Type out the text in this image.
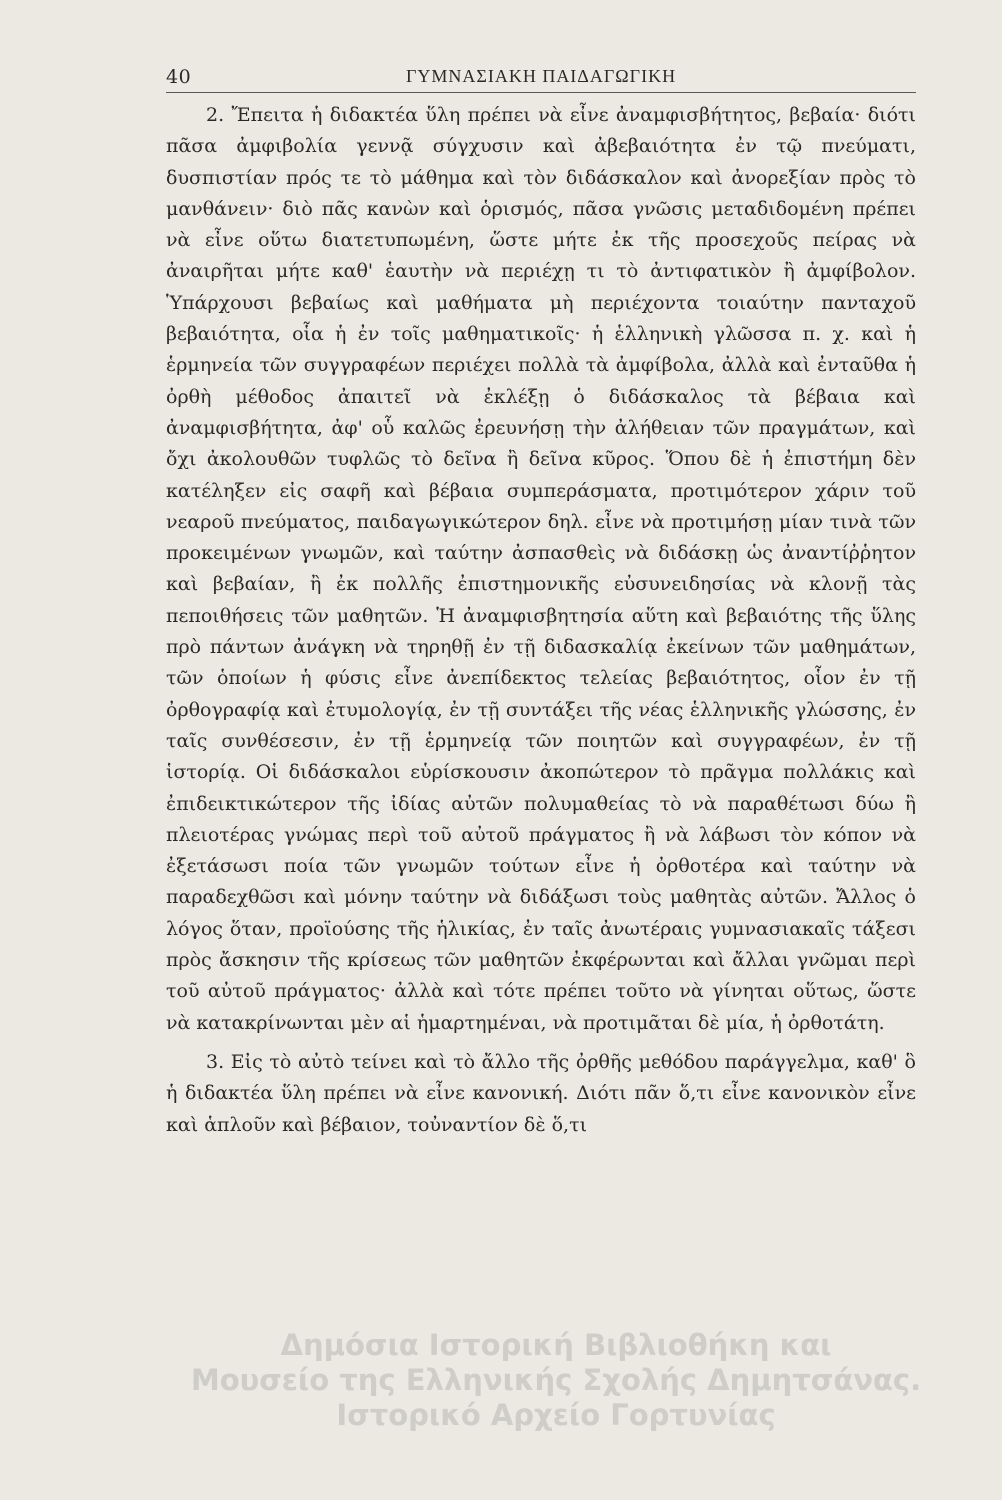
40	ΓΥΜΝΑΣΙΑΚΗ ΠΑΙΔΑΓΩΓΙΚΗ

2. Ἔπειτα ἡ διδακτέα ὕλη πρέπει νὰ εἶνε ἀναμφισβήτητος, βεβαία· διότι πᾶσα ἀμφιβολία γεννᾷ σύγχυσιν καὶ ἀβεβαιότητα ἐν τῷ πνεύματι, δυσπιστίαν πρός τε τὸ μάθημα καὶ τὸν διδάσκαλον καὶ ἀνορεξίαν πρὸς τὸ μανθάνειν· διὸ πᾶς κανὼν καὶ ὁρισμός, πᾶσα γνῶσις μεταδιδομένη πρέπει νὰ εἶνε οὕτω διατετυπωμένη, ὥστε μήτε ἐκ τῆς προσεχοῦς πείρας νὰ ἀναιρῆται μήτε καθ' ἑαυτὴν νὰ περιέχῃ τι τὸ ἀντιφατικὸν ἢ ἀμφίβολον. Ὑπάρχουσι βεβαίως καὶ μαθήματα μὴ περιέχοντα τοιαύτην πανταχοῦ βεβαιότητα, οἷα ἡ ἐν τοῖς μαθηματικοῖς· ἡ ἑλληνικὴ γλῶσσα π. χ. καὶ ἡ ἑρμηνεία τῶν συγγραφέων περιέχει πολλὰ τὰ ἀμφίβολα, ἀλλὰ καὶ ἐνταῦθα ἡ ὀρθὴ μέθοδος ἀπαιτεῖ νὰ ἐκλέξῃ ὁ διδάσκαλος τὰ βέβαια καὶ ἀναμφισβήτητα, ἀφ' οὗ καλῶς ἐρευνήσῃ τὴν ἀλήθειαν τῶν πραγμάτων, καὶ ὄχι ἀκολουθῶν τυφλῶς τὸ δεῖνα ἢ δεῖνα κῦρος. Ὅπου δὲ ἡ ἐπιστήμη δὲν κατέληξεν εἰς σαφῆ καὶ βέβαια συμπεράσματα, προτιμότερον χάριν τοῦ νεαροῦ πνεύματος, παιδαγωγικώτερον δηλ. εἶνε νὰ προτιμήσῃ μίαν τινὰ τῶν προκειμένων γνωμῶν, καὶ ταύτην ἀσπασθεὶς νὰ διδάσκῃ ὡς ἀναντίῤῥητον καὶ βεβαίαν, ἢ ἐκ πολλῆς ἐπιστημονικῆς εὐσυνειδησίας νὰ κλονῇ τὰς πεποιθήσεις τῶν μαθητῶν. Ἡ ἀναμφισβητησία αὕτη καὶ βεβαιότης τῆς ὕλης πρὸ πάντων ἀνάγκη νὰ τηρηθῇ ἐν τῇ διδασκαλίᾳ ἐκείνων τῶν μαθημάτων, τῶν ὁποίων ἡ φύσις εἶνε ἀνεπίδεκτος τελείας βεβαιότητος, οἷον ἐν τῇ ὀρθογραφίᾳ καὶ ἐτυμολογίᾳ, ἐν τῇ συντάξει τῆς νέας ἑλληνικῆς γλώσσης, ἐν ταῖς συνθέσεσιν, ἐν τῇ ἑρμηνείᾳ τῶν ποιητῶν καὶ συγγραφέων, ἐν τῇ ἱστορίᾳ. Οἱ διδάσκαλοι εὑρίσκουσιν ἀκοπώτερον τὸ πρᾶγμα πολλάκις καὶ ἐπιδεικτικώτερον τῆς ἰδίας αὐτῶν πολυμαθείας τὸ νὰ παραθέτωσι δύω ἢ πλειοτέρας γνώμας περὶ τοῦ αὐτοῦ πράγματος ἢ νὰ λάβωσι τὸν κόπον νὰ ἐξετάσωσι ποία τῶν γνωμῶν τούτων εἶνε ἡ ὀρθοτέρα καὶ ταύτην νὰ παραδεχθῶσι καὶ μόνην ταύτην νὰ διδάξωσι τοὺς μαθητὰς αὐτῶν. Ἄλλος ὁ λόγος ὅταν, προϊούσης τῆς ἡλικίας, ἐν ταῖς ἀνωτέραις γυμνασιακαῖς τάξεσι πρὸς ἄσκησιν τῆς κρίσεως τῶν μαθητῶν ἐκφέρωνται καὶ ἄλλαι γνῶμαι περὶ τοῦ αὐτοῦ πράγματος· ἀλλὰ καὶ τότε πρέπει τοῦτο νὰ γίνηται οὕτως, ὥστε νὰ κατακρίνωνται μὲν αἱ ἡμαρτημέναι, νὰ προτιμᾶται δὲ μία, ἡ ὀρθοτάτη.

3. Εἰς τὸ αὐτὸ τείνει καὶ τὸ ἄλλο τῆς ὀρθῆς μεθόδου παράγγελμα, καθ' ὃ ἡ διδακτέα ὕλη πρέπει νὰ εἶνε κανονική. Διότι πᾶν ὅ,τι εἶνε κανονικὸν εἶνε καὶ ἁπλοῦν καὶ βέβαιον, τοὐναντίον δὲ ὅ,τι

Δημόσια Ιστορική Βιβλιοθήκη και
Μουσείο της Ελληνικής Σχολής Δημητσάνας.
Ιστορικό Αρχείο Γορτυνίας
